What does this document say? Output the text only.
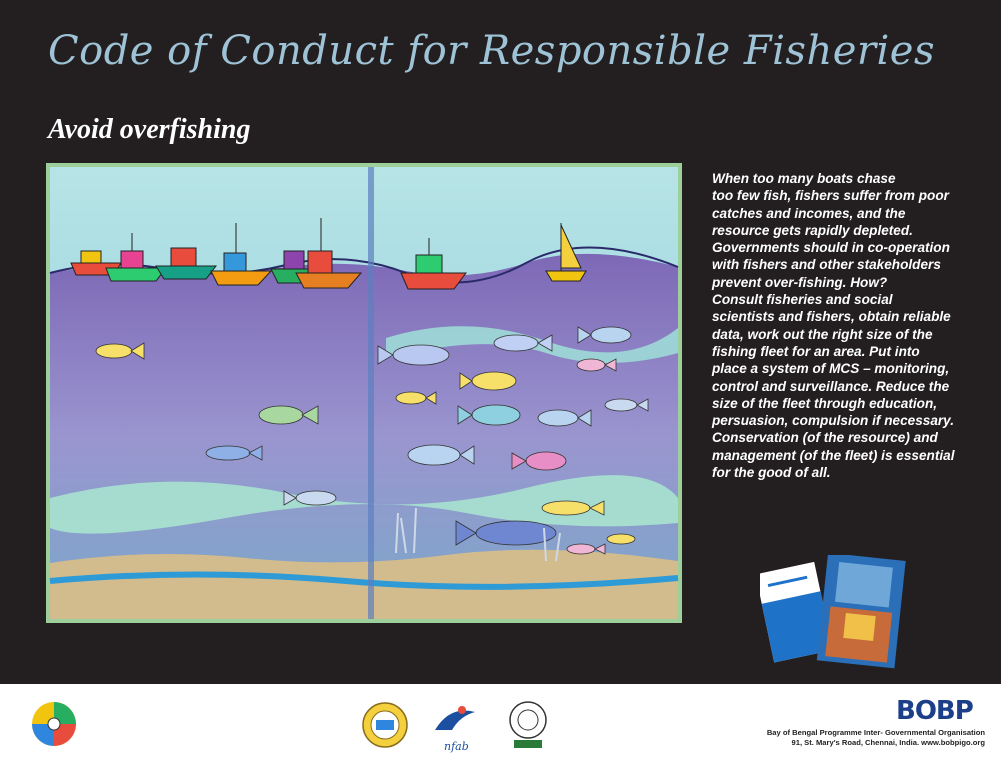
Code of Conduct for Responsible Fisheries
Avoid overfishing
When too many boats chase
too few fish, fishers suffer from poor
catches and incomes, and the
resource gets rapidly depleted.
Governments should in co-operation
with fishers and other stakeholders
prevent over-fishing. How?
Consult fisheries and social
scientists and fishers, obtain reliable
data, work out the right size of the
fishing fleet for an area. Put into
place a system of MCS – monitoring,
control and surveillance. Reduce the
size of the fleet through education,
persuasion, compulsion if necessary.
Conservation (of the resource) and
management (of the fleet) is essential
for the good of all.
nfab
Bay of Bengal Programme Inter- Governmental Organisation
91, St. Mary's Road, Chennai, India. www.bobpigo.org
BOBP
